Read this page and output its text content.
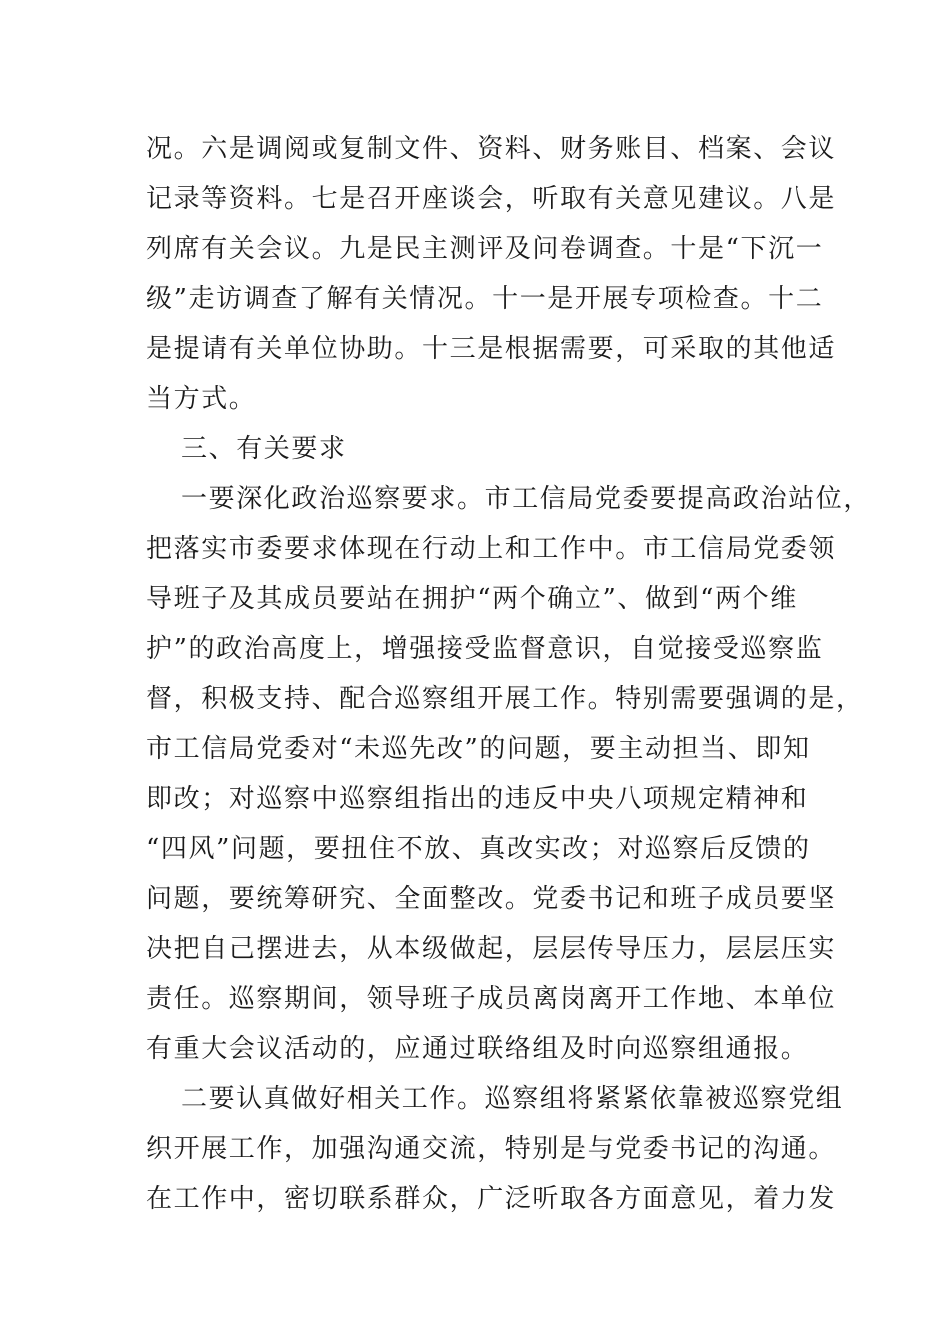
况。六是调阅或复制文件、资料、财务账目、档案、会议
记录等资料。七是召开座谈会，听取有关意见建议。八是
列席有关会议。九是民主测评及问卷调查。十是“下沉一
级”走访调查了解有关情况。十一是开展专项检查。十二
是提请有关单位协助。十三是根据需要，可采取的其他适
当方式。
三、有关要求
一要深化政治巡察要求。市工信局党委要提高政治站位，
把落实市委要求体现在行动上和工作中。市工信局党委领
导班子及其成员要站在拥护“两个确立”、做到“两个维
护”的政治高度上，增强接受监督意识，自觉接受巡察监
督，积极支持、配合巡察组开展工作。特别需要强调的是，
市工信局党委对“未巡先改”的问题，要主动担当、即知
即改；对巡察中巡察组指出的违反中央八项规定精神和
“四风”问题，要扭住不放、真改实改；对巡察后反馈的
问题，要统筹研究、全面整改。党委书记和班子成员要坚
决把自己摆进去，从本级做起，层层传导压力，层层压实
责任。巡察期间，领导班子成员离岗离开工作地、本单位
有重大会议活动的，应通过联络组及时向巡察组通报。
二要认真做好相关工作。巡察组将紧紧依靠被巡察党组
织开展工作，加强沟通交流，特别是与党委书记的沟通。
在工作中，密切联系群众，广泛听取各方面意见，着力发
